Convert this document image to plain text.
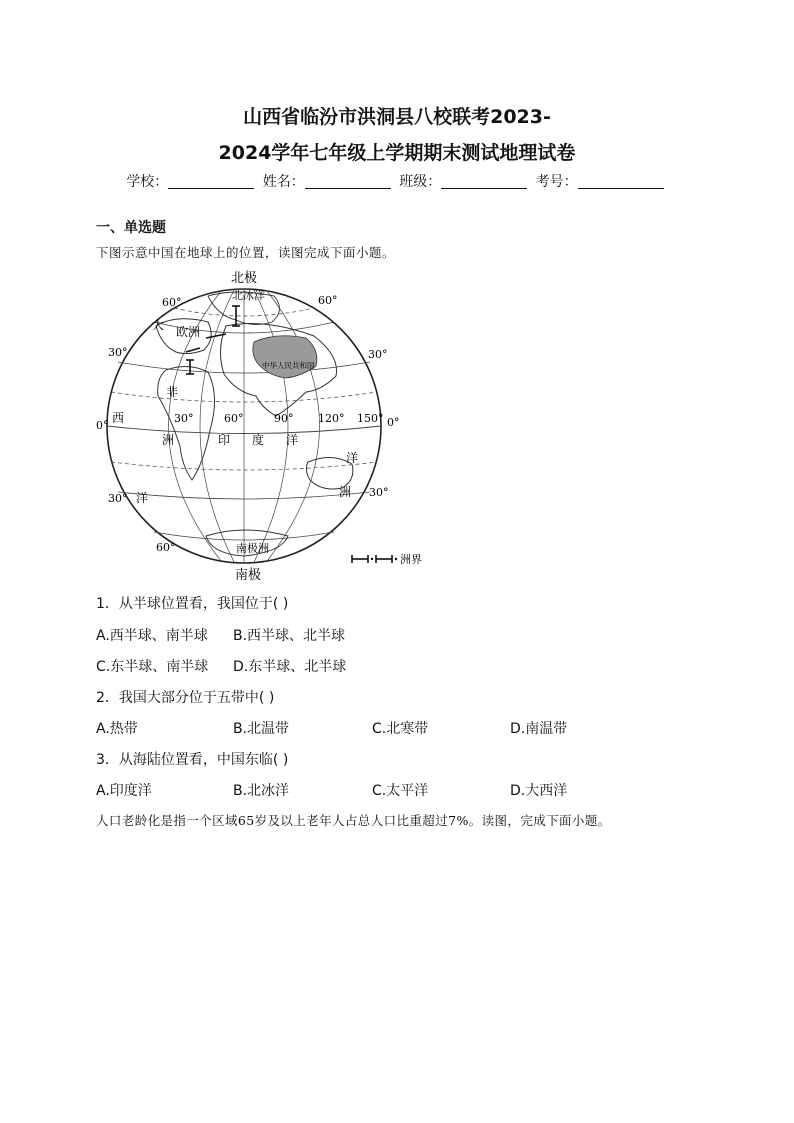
山西省临汾市洪洞县八校联考2023-
2024学年七年级上学期期末测试地理试卷
学校：	姓名：	班级：	考号：
一、单选题
下图示意中国在地球上的位置，读图完成下面小题。
北极
南极
60°	60°
30°	30°
0°	0°
30°	30°
60°
30°	60°	90° 120° 150°
北冰洋
欧洲
大
西
洋
非
洲	印 度 洋
洋
洲
中华人民共和国
南极洲
洲界
1．从半球位置看，我国位于( )
A.西半球、南半球 B.西半球、北半球
C.东半球、南半球 D.东半球、北半球
2．我国大部分位于五带中( )
A.热带	B.北温带	C.北寒带	D.南温带
3．从海陆位置看，中国东临( )
A.印度洋	B.北冰洋	C.太平洋	D.大西洋
人口老龄化是指一个区域65岁及以上老年人占总人口比重超过7%。读图，完成下面小题。
